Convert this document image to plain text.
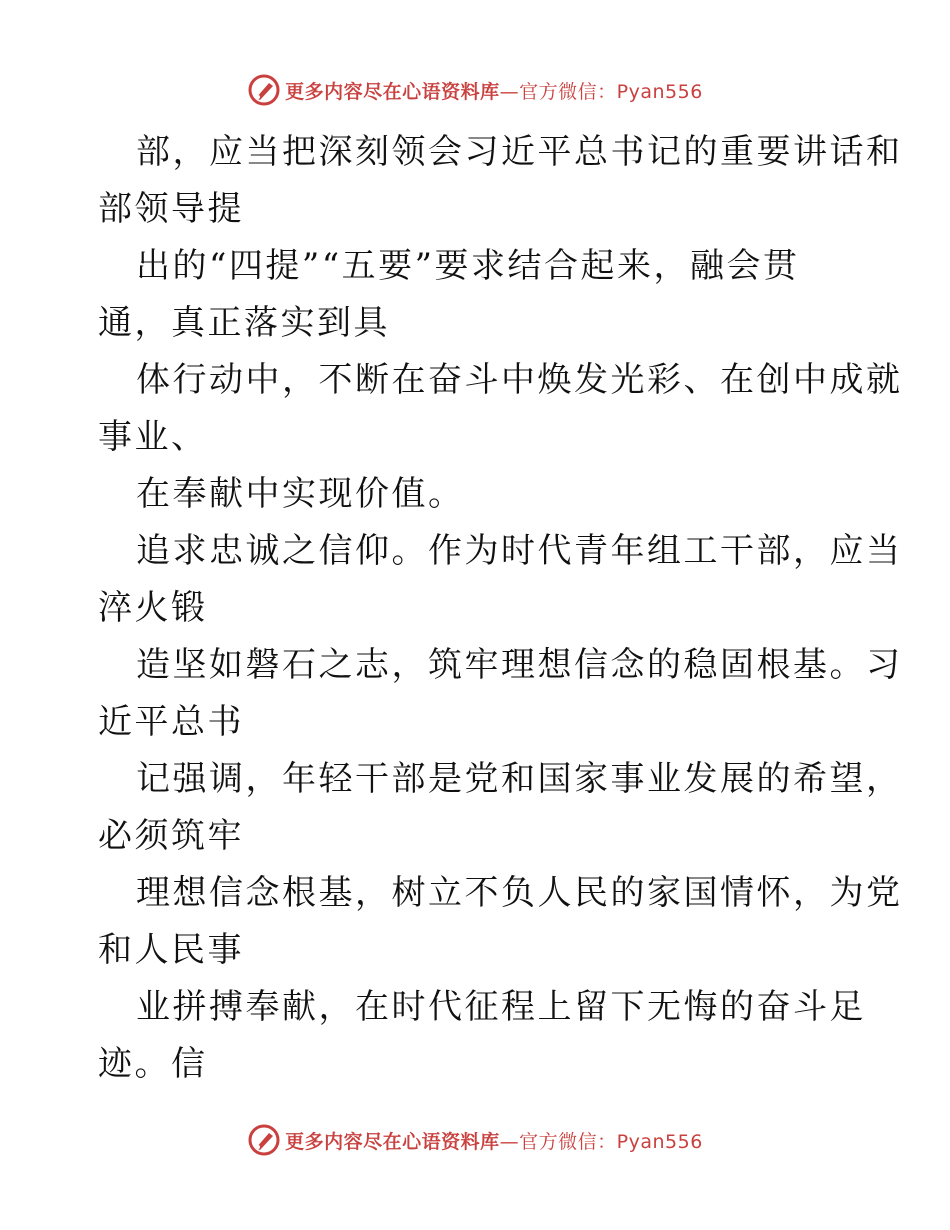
更多内容尽在心语资料库—官方微信：Pyan556

部，应当把深刻领会习近平总书记的重要讲话和
部领导提

出的“四提”“五要”要求结合起来，融会贯
通，真正落实到具

体行动中，不断在奋斗中焕发光彩、在创中成就
事业、

在奉献中实现价值。

追求忠诚之信仰。作为时代青年组工干部，应当
淬火锻

造坚如磐石之志，筑牢理想信念的稳固根基。习
近平总书

记强调，年轻干部是党和国家事业发展的希望，
必须筑牢

理想信念根基，树立不负人民的家国情怀，为党
和人民事

业拼搏奉献，在时代征程上留下无悔的奋斗足
迹。信

更多内容尽在心语资料库—官方微信：Pyan556
